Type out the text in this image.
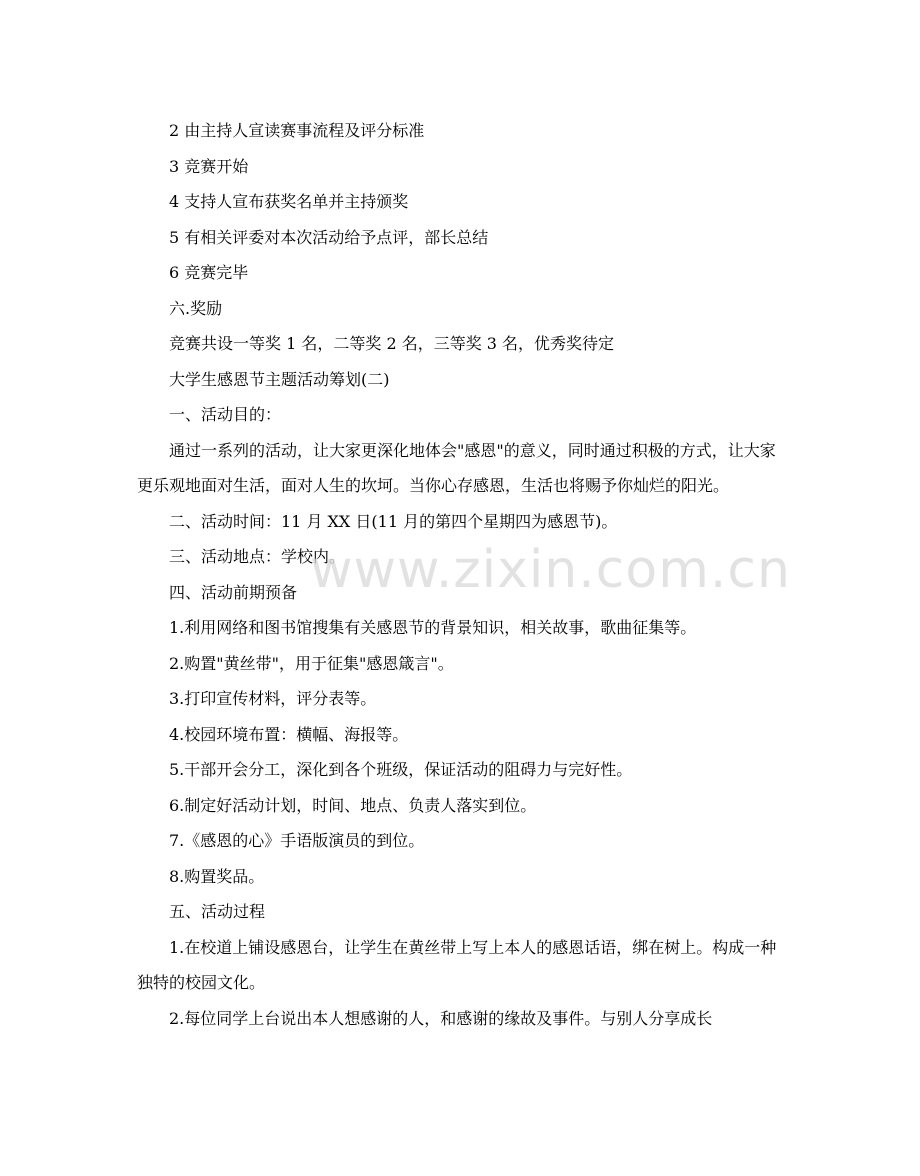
2 由主持人宣读赛事流程及评分标准

3 竞赛开始

4 支持人宣布获奖名单并主持颁奖

5 有相关评委对本次活动给予点评，部长总结

6 竞赛完毕

六.奖励

竞赛共设一等奖 1 名，二等奖 2 名，三等奖 3 名，优秀奖待定

大学生感恩节主题活动筹划(二)

一、活动目的：

通过一系列的活动，让大家更深化地体会"感恩"的意义，同时通过积极的方式，让大家更乐观地面对生活，面对人生的坎坷。当你心存感恩，生活也将赐予你灿烂的阳光。

二、活动时间：11 月 XX 日(11 月的第四个星期四为感恩节)。

三、活动地点：学校内。

四、活动前期预备

1.利用网络和图书馆搜集有关感恩节的背景知识，相关故事，歌曲征集等。

2.购置"黄丝带"，用于征集"感恩箴言"。

3.打印宣传材料，评分表等。

4.校园环境布置：横幅、海报等。

5.干部开会分工，深化到各个班级，保证活动的阻碍力与完好性。

6.制定好活动计划，时间、地点、负责人落实到位。

7.《感恩的心》手语版演员的到位。

8.购置奖品。

五、活动过程

1.在校道上铺设感恩台，让学生在黄丝带上写上本人的感恩话语，绑在树上。构成一种独特的校园文化。

2.每位同学上台说出本人想感谢的人，和感谢的缘故及事件。与别人分享成长

www.zixin.com.cn
